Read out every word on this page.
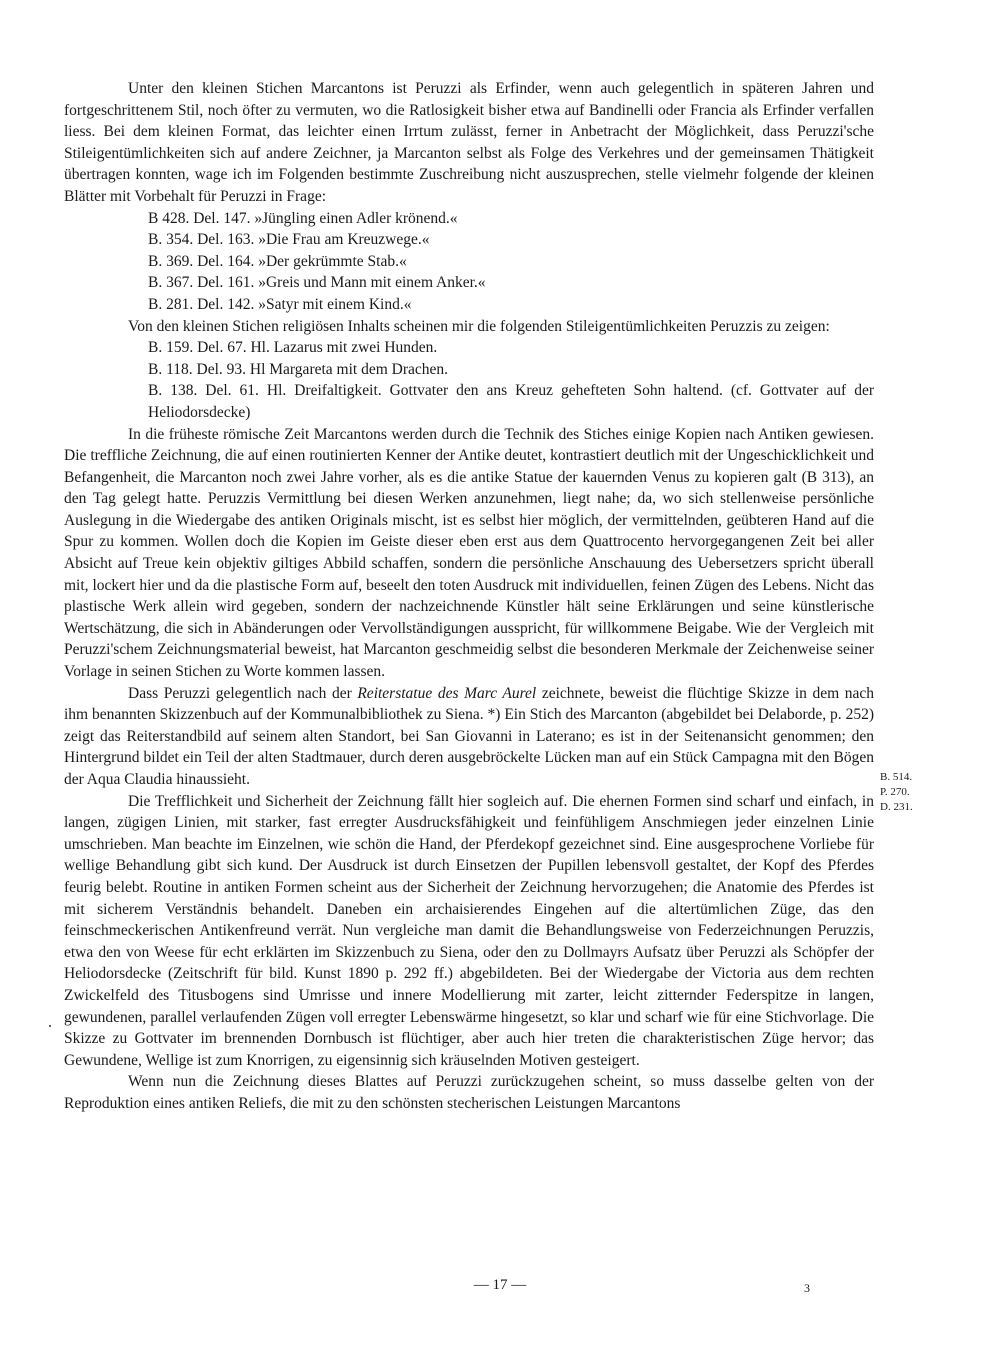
Unter den kleinen Stichen Marcantons ist Peruzzi als Erfinder, wenn auch gelegentlich in späteren Jahren und fortgeschrittenem Stil, noch öfter zu vermuten, wo die Ratlosigkeit bisher etwa auf Bandinelli oder Francia als Erfinder verfallen liess. Bei dem kleinen Format, das leichter einen Irrtum zulässt, ferner in Anbetracht der Möglichkeit, dass Peruzzi'sche Stileigentümlichkeiten sich auf andere Zeichner, ja Marcanton selbst als Folge des Verkehres und der gemeinsamen Thätigkeit übertragen konnten, wage ich im Folgenden bestimmte Zuschreibung nicht auszusprechen, stelle vielmehr folgende der kleinen Blätter mit Vorbehalt für Peruzzi in Frage:

B 428. Del. 147. »Jüngling einen Adler krönend.«
B. 354. Del. 163. »Die Frau am Kreuzwege.«
B. 369. Del. 164. »Der gekrümmte Stab.«
B. 367. Del. 161. »Greis und Mann mit einem Anker.«
B. 281. Del. 142. »Satyr mit einem Kind.«

Von den kleinen Stichen religiösen Inhalts scheinen mir die folgenden Stileigentümlichkeiten Peruzzis zu zeigen:

B. 159. Del. 67. Hl. Lazarus mit zwei Hunden.
B. 118. Del. 93. Hl Margareta mit dem Drachen.
B. 138. Del. 61. Hl. Dreifaltigkeit. Gottvater den ans Kreuz gehefteten Sohn haltend. (cf. Gottvater auf der Heliodorsdecke)

In die früheste römische Zeit Marcantons werden durch die Technik des Stiches einige Kopien nach Antiken gewiesen. Die treffliche Zeichnung, die auf einen routinierten Kenner der Antike deutet, kontrastiert deutlich mit der Ungeschicklichkeit und Befangenheit, die Marcanton noch zwei Jahre vorher, als es die antike Statue der kauernden Venus zu kopieren galt (B 313), an den Tag gelegt hatte. Peruzzis Vermittlung bei diesen Werken anzunehmen, liegt nahe; da, wo sich stellenweise persönliche Auslegung in die Wiedergabe des antiken Originals mischt, ist es selbst hier möglich, der vermittelnden, geübteren Hand auf die Spur zu kommen. Wollen doch die Kopien im Geiste dieser eben erst aus dem Quattrocento hervorgegangenen Zeit bei aller Absicht auf Treue kein objektiv giltiges Abbild schaffen, sondern die persönliche Anschauung des Uebersetzers spricht überall mit, lockert hier und da die plastische Form auf, beseelt den toten Ausdruck mit individuellen, feinen Zügen des Lebens. Nicht das plastische Werk allein wird gegeben, sondern der nachzeichnende Künstler hält seine Erklärungen und seine künstlerische Wertschätzung, die sich in Abänderungen oder Vervollständigungen ausspricht, für willkommene Beigabe. Wie der Vergleich mit Peruzzi'schem Zeichnungsmaterial beweist, hat Marcanton geschmeidig selbst die besonderen Merkmale der Zeichenweise seiner Vorlage in seinen Stichen zu Worte kommen lassen.

Dass Peruzzi gelegentlich nach der Reiterstatue des Marc Aurel zeichnete, beweist die flüchtige Skizze in dem nach ihm benannten Skizzenbuch auf der Kommunalbibliothek zu Siena. *) Ein Stich des Marcanton (abgebildet bei Delaborde, p. 252) zeigt das Reiterstandbild auf seinem alten Standort, bei San Giovanni in Laterano; es ist in der Seitenansicht genommen; den Hintergrund bildet ein Teil der alten Stadtmauer, durch deren ausgebröckelte Lücken man auf ein Stück Campagna mit den Bögen der Aqua Claudia hinaussieht.

Die Trefflichkeit und Sicherheit der Zeichnung fällt hier sogleich auf. Die ehernen Formen sind scharf und einfach, in langen, zügigen Linien, mit starker, fast erregter Ausdrucksfähigkeit und feinfühligem Anschmiegen jeder einzelnen Linie umschrieben. Man beachte im Einzelnen, wie schön die Hand, der Pferdekopf gezeichnet sind. Eine ausgesprochene Vorliebe für wellige Behandlung gibt sich kund. Der Ausdruck ist durch Einsetzen der Pupillen lebensvoll gestaltet, der Kopf des Pferdes feurig belebt. Routine in antiken Formen scheint aus der Sicherheit der Zeichnung hervorzugehen; die Anatomie des Pferdes ist mit sicherem Verständnis behandelt. Daneben ein archaisierendes Eingehen auf die altertümlichen Züge, das den feinschmeckerischen Antikenfreund verrät. Nun vergleiche man damit die Behandlungsweise von Federzeichnungen Peruzzis, etwa den von Weese für echt erklärten im Skizzenbuch zu Siena, oder den zu Dollmayrs Aufsatz über Peruzzi als Schöpfer der Heliodorsdecke (Zeitschrift für bild. Kunst 1890 p. 292 ff.) abgebildeten. Bei der Wiedergabe der Victoria aus dem rechten Zwickelfeld des Titusbogens sind Umrisse und innere Modellierung mit zarter, leicht zitternder Federspitze in langen, gewundenen, parallel verlaufenden Zügen voll erregter Lebenswärme hingesetzt, so klar und scharf wie für eine Stichvorlage. Die Skizze zu Gottvater im brennenden Dornbusch ist flüchtiger, aber auch hier treten die charakteristischen Züge hervor; das Gewundene, Wellige ist zum Knorrigen, zu eigensinnig sich kräuselnden Motiven gesteigert.

Wenn nun die Zeichnung dieses Blattes auf Peruzzi zurückzugehen scheint, so muss dasselbe gelten von der Reproduktion eines antiken Reliefs, die mit zu den schönsten stecherischen Leistungen Marcantons

B. 514.
P. 270.
D. 231.
— 17 —	3
